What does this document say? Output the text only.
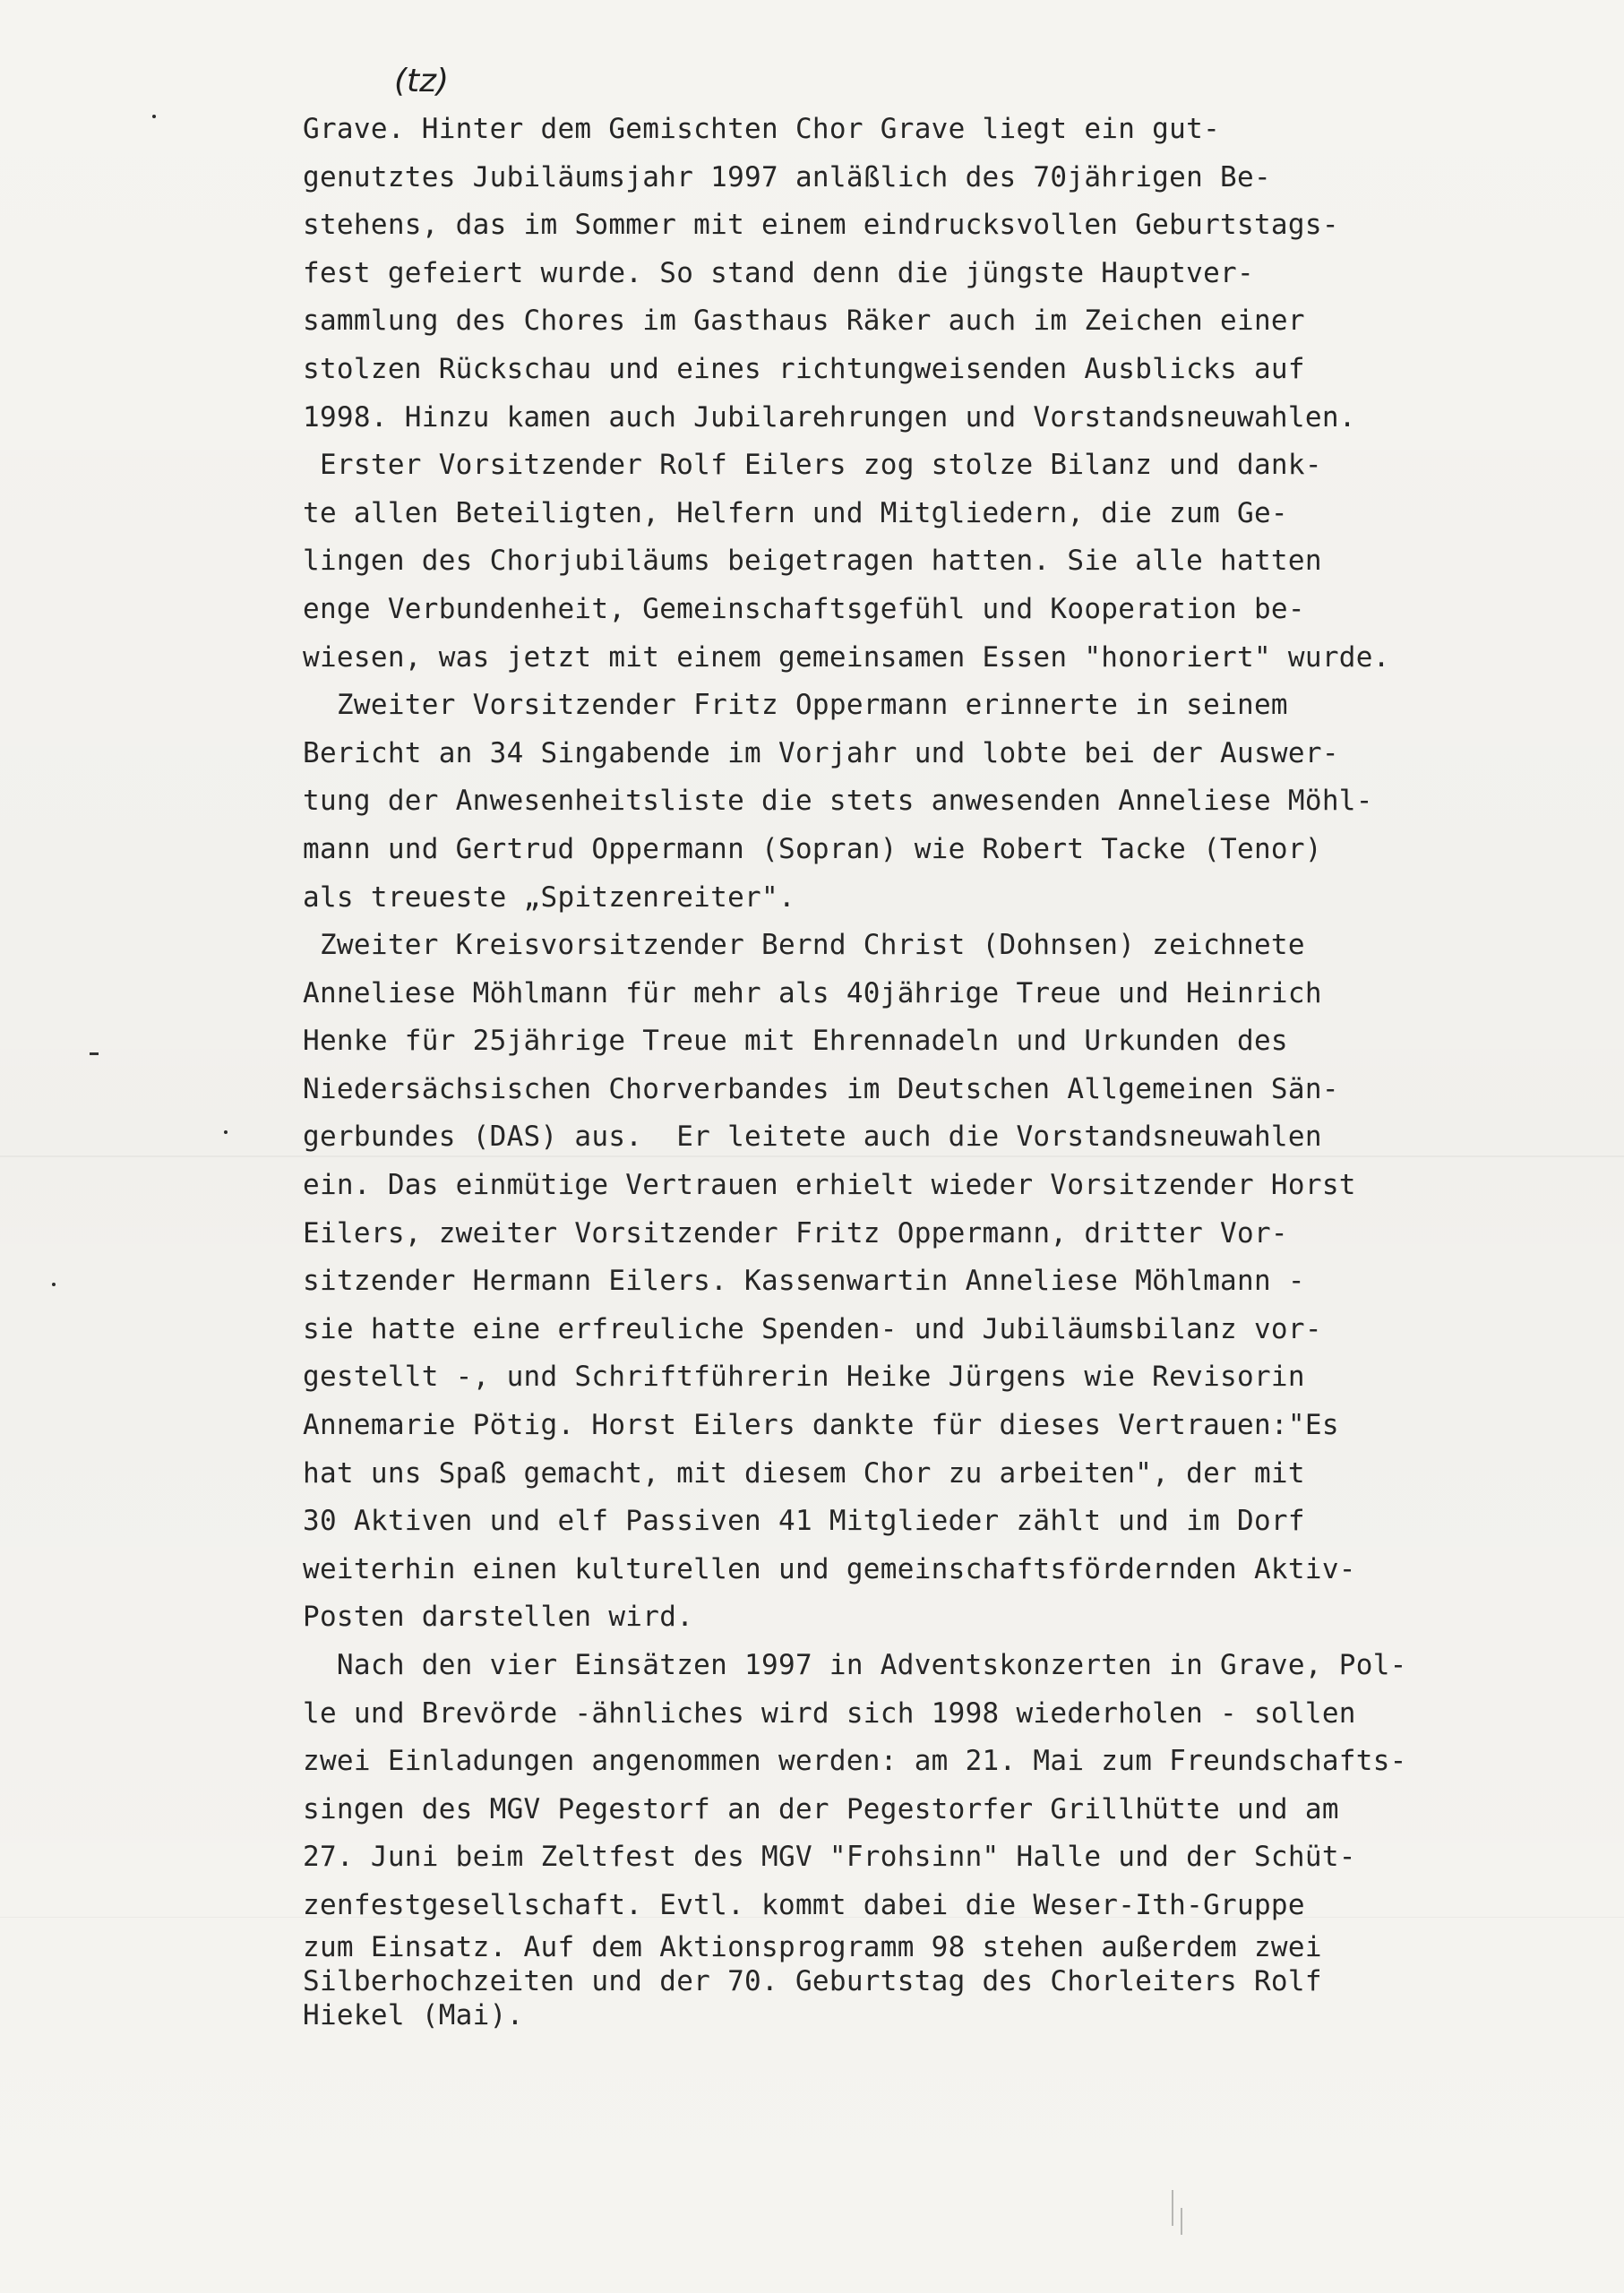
(tz)
Grave. Hinter dem Gemischten Chor Grave liegt ein gut-
genutztes Jubiläumsjahr 1997 anläßlich des 70jährigen Be-
stehens, das im Sommer mit einem eindrucksvollen Geburtstags-
fest gefeiert wurde. So stand denn die jüngste Hauptver-
sammlung des Chores im Gasthaus Räker auch im Zeichen einer
stolzen Rückschau und eines richtungweisenden Ausblicks auf
1998. Hinzu kamen auch Jubilarehrungen und Vorstandsneuwahlen.
Erster Vorsitzender Rolf Eilers zog stolze Bilanz und dank-
te allen Beteiligten, Helfern und Mitgliedern, die zum Ge-
lingen des Chorjubiläums beigetragen hatten. Sie alle hatten
enge Verbundenheit, Gemeinschaftsgefühl und Kooperation be-
wiesen, was jetzt mit einem gemeinsamen Essen "honoriert" wurde.
Zweiter Vorsitzender Fritz Oppermann erinnerte in seinem
Bericht an 34 Singabende im Vorjahr und lobte bei der Auswer-
tung der Anwesenheitsliste die stets anwesenden Anneliese Möhl-
mann und Gertrud Oppermann (Sopran) wie Robert Tacke (Tenor)
als treueste „Spitzenreiter".
Zweiter Kreisvorsitzender Bernd Christ (Dohnsen) zeichnete
Anneliese Möhlmann für mehr als 40jährige Treue und Heinrich
Henke für 25jährige Treue mit Ehrennadeln und Urkunden des
Niedersächsischen Chorverbandes im Deutschen Allgemeinen Sän-
gerbundes (DAS) aus.  Er leitete auch die Vorstandsneuwahlen
ein. Das einmütige Vertrauen erhielt wieder Vorsitzender Horst
Eilers, zweiter Vorsitzender Fritz Oppermann, dritter Vor-
sitzender Hermann Eilers. Kassenwartin Anneliese Möhlmann -
sie hatte eine erfreuliche Spenden- und Jubiläumsbilanz vor-
gestellt -, und Schriftführerin Heike Jürgens wie Revisorin
Annemarie Pötig. Horst Eilers dankte für dieses Vertrauen:"Es
hat uns Spaß gemacht, mit diesem Chor zu arbeiten", der mit
30 Aktiven und elf Passiven 41 Mitglieder zählt und im Dorf
weiterhin einen kulturellen und gemeinschaftsfördernden Aktiv-
Posten darstellen wird.
Nach den vier Einsätzen 1997 in Adventskonzerten in Grave, Pol-
le und Brevörde -ähnliches wird sich 1998 wiederholen - sollen
zwei Einladungen angenommen werden: am 21. Mai zum Freundschafts-
singen des MGV Pegestorf an der Pegestorfer Grillhütte und am
27. Juni beim Zeltfest des MGV "Frohsinn" Halle und der Schüt-
zenfestgesellschaft. Evtl. kommt dabei die Weser-Ith-Gruppe
zum Einsatz. Auf dem Aktionsprogramm 98 stehen außerdem zwei
Silberhochzeiten und der 70. Geburtstag des Chorleiters Rolf
Hiekel (Mai).
